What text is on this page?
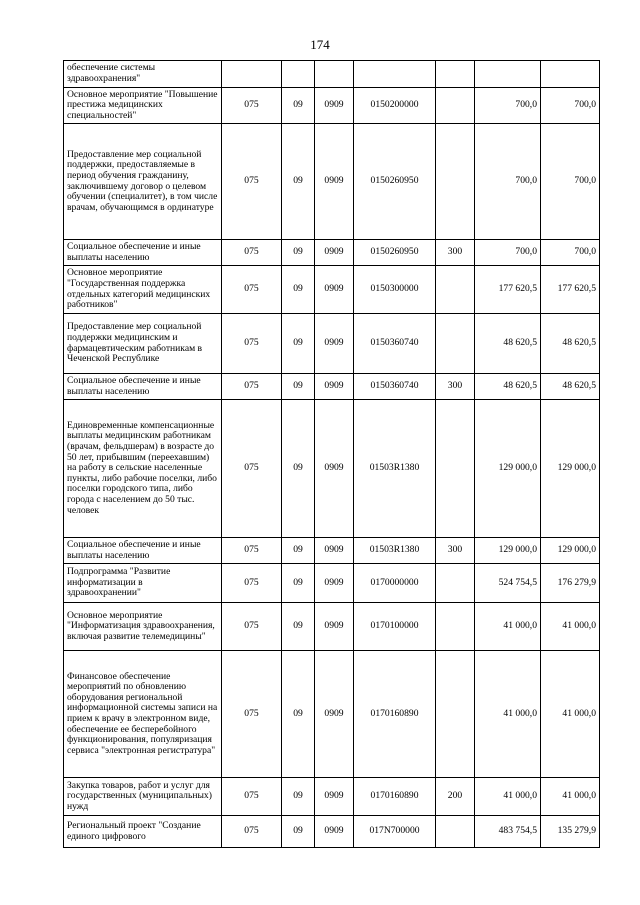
174
обеспечение системы здравоохранения"							
Основное мероприятие "Повышение престижа медицинских специальностей"	075	09	0909	0150200000		700,0	700,0
Предоставление мер социальной поддержки, предоставляемые в период обучения гражданину, заключившему договор о целевом обучении (специалитет), в том числе врачам, обучающимся в ординатуре	075	09	0909	0150260950		700,0	700,0
Социальное обеспечение и иные выплаты населению	075	09	0909	0150260950	300	700,0	700,0
Основное мероприятие "Государственная поддержка отдельных категорий медицинских работников"	075	09	0909	0150300000		177 620,5	177 620,5
Предоставление мер социальной поддержки медицинским и фармацевтическим работникам в Чеченской Республике	075	09	0909	0150360740		48 620,5	48 620,5
Социальное обеспечение и иные выплаты населению	075	09	0909	0150360740	300	48 620,5	48 620,5
Единовременные компенсационные выплаты медицинским работникам (врачам, фельдшерам) в возрасте до 50 лет, прибывшим (переехавшим) на работу в сельские населенные пункты, либо рабочие поселки, либо поселки городского типа, либо города с населением до 50 тыс. человек	075	09	0909	01503R1380		129 000,0	129 000,0
Социальное обеспечение и иные выплаты населению	075	09	0909	01503R1380	300	129 000,0	129 000,0
Подпрограмма "Развитие информатизации в здравоохранении"	075	09	0909	0170000000		524 754,5	176 279,9
Основное мероприятие "Информатизация здравоохранения, включая развитие телемедицины"	075	09	0909	0170100000		41 000,0	41 000,0
Финансовое обеспечение мероприятий по обновлению оборудования региональной информационной системы записи на прием к врачу в электронном виде, обеспечение ее бесперебойного функционирования, популяризация сервиса "электронная регистратура"	075	09	0909	0170160890		41 000,0	41 000,0
Закупка товаров, работ и услуг для государственных (муниципальных) нужд	075	09	0909	0170160890	200	41 000,0	41 000,0
Региональный проект "Создание единого цифрового	075	09	0909	017N700000		483 754,5	135 279,9
